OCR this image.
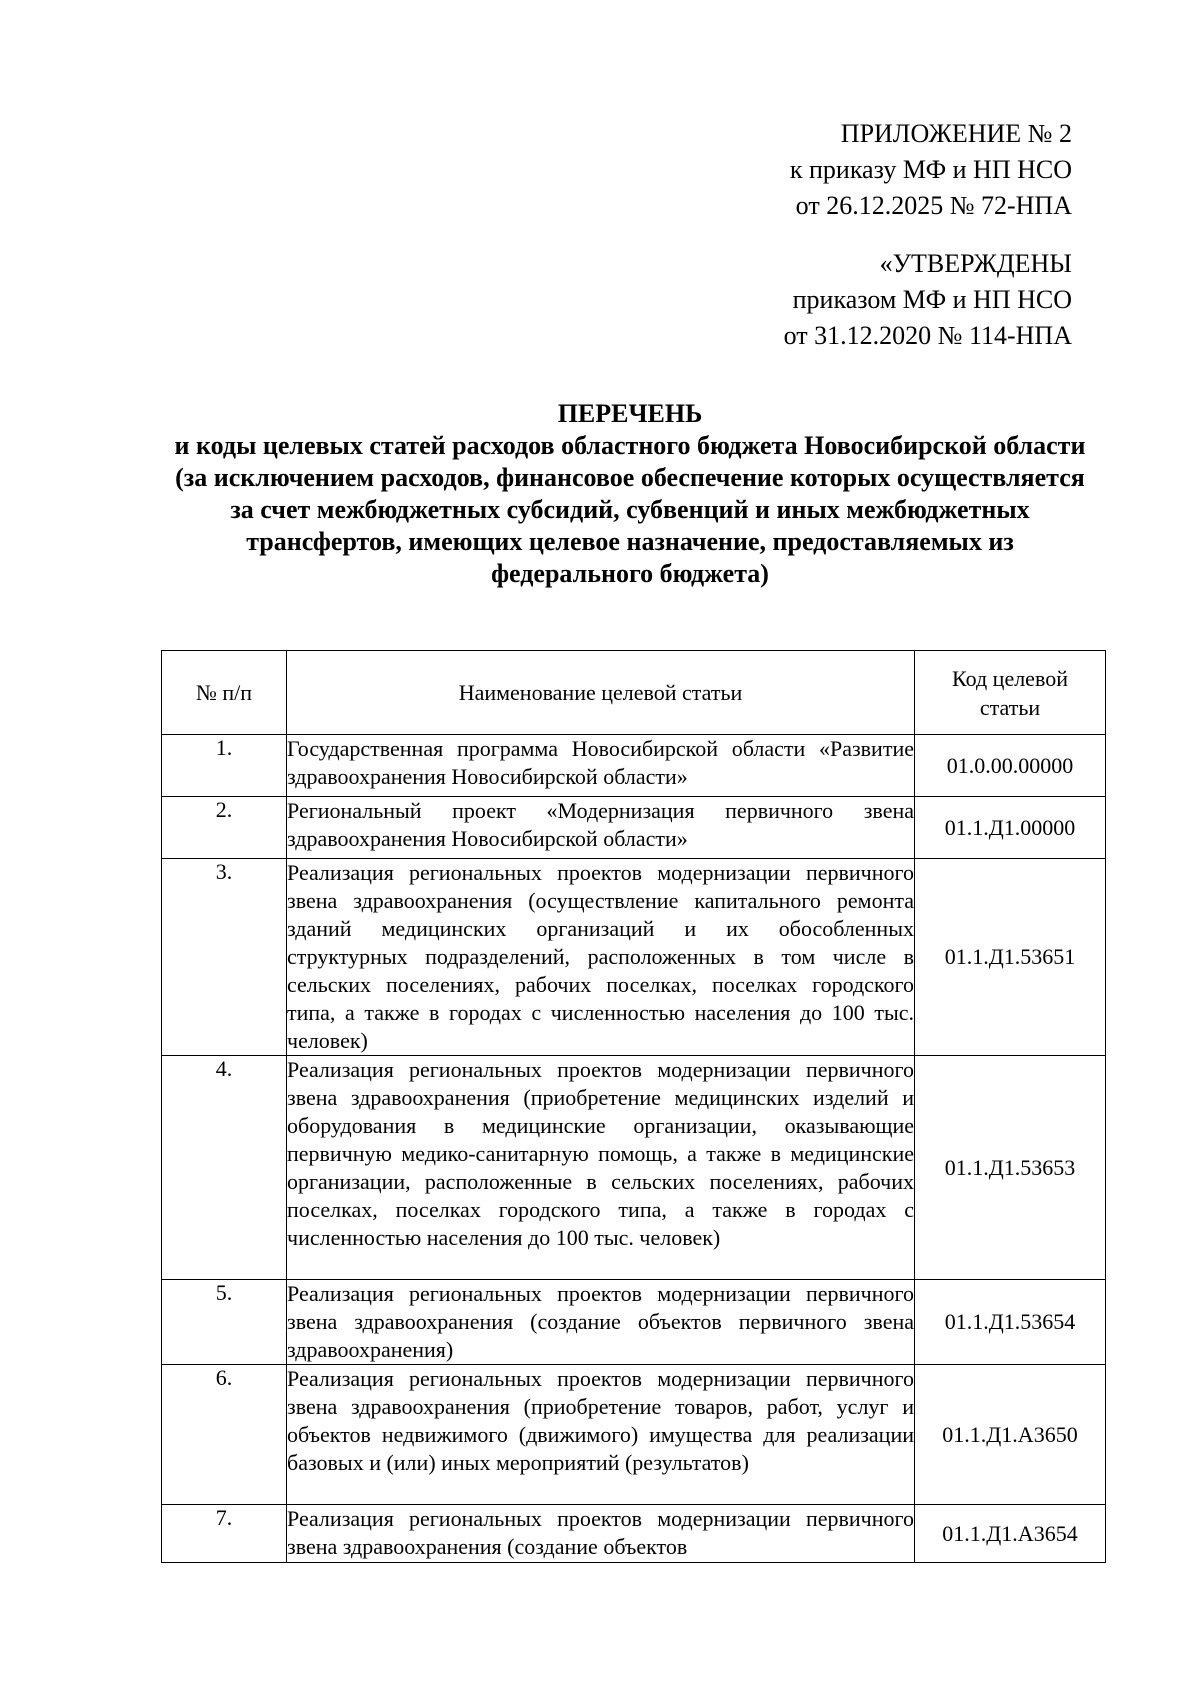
ПРИЛОЖЕНИЕ № 2
к приказу МФ и НП НСО
от 26.12.2025 № 72-НПА
«УТВЕРЖДЕНЫ
приказом МФ и НП НСО
от 31.12.2020 № 114-НПА
ПЕРЕЧЕНЬ
и коды целевых статей расходов областного бюджета Новосибирской области
(за исключением расходов, финансовое обеспечение которых осуществляется
за счет межбюджетных субсидий, субвенций и иных межбюджетных
трансфертов, имеющих целевое назначение, предоставляемых из
федерального бюджета)
№ п/п	Наименование целевой статьи	Код целевой статьи
1.	Государственная программа Новосибирской области «Развитие здравоохранения Новосибирской области»	01.0.00.00000
2.	Региональный проект «Модернизация первичного звена здравоохранения Новосибирской области»	01.1.Д1.00000
3.	Реализация региональных проектов модернизации первичного звена здравоохранения (осуществление капитального ремонта зданий медицинских организаций и их обособленных структурных подразделений, расположенных в том числе в сельских поселениях, рабочих поселках, поселках городского типа, а также в городах с численностью населения до 100 тыс. человек)	01.1.Д1.53651
4.	Реализация региональных проектов модернизации первичного звена здравоохранения (приобретение медицинских изделий и оборудования в медицинские организации, оказывающие первичную медико-санитарную помощь, а также в медицинские организации, расположенные в сельских поселениях, рабочих поселках, поселках городского типа, а также в городах с численностью населения до 100 тыс. человек)	01.1.Д1.53653
5.	Реализация региональных проектов модернизации первичного звена здравоохранения (создание объектов первичного звена здравоохранения)	01.1.Д1.53654
6.	Реализация региональных проектов модернизации первичного звена здравоохранения (приобретение товаров, работ, услуг и объектов недвижимого (движимого) имущества для реализации базовых и (или) иных мероприятий (результатов)	01.1.Д1.А3650
7.	Реализация региональных проектов модернизации первичного звена здравоохранения (создание объектов	01.1.Д1.А3654
